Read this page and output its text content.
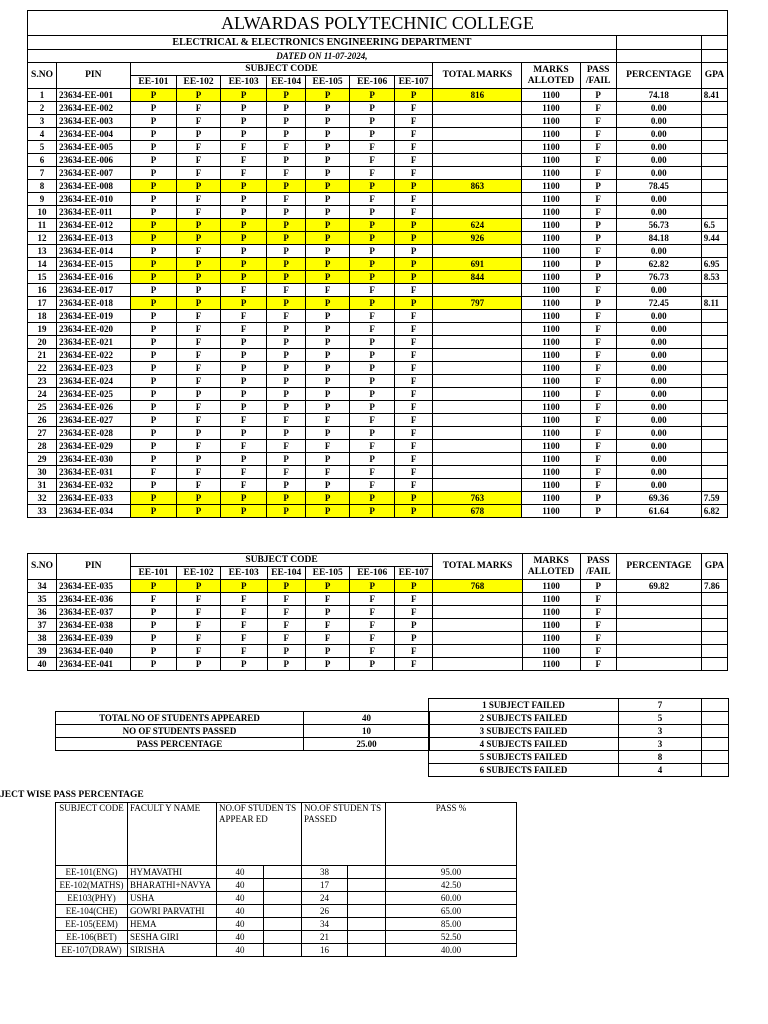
ALWARDAS POLYTECHNIC COLLEGE													
ELECTRICAL & ELECTRONICS ENGINEERING DEPARTMENT													
DATED ON 11-07-2024,													
S.NO	PIN	SUBJECT CODE							TOTAL MARKS	MARKS ALLOTED	PASS /FAIL	PERCENTAGE	GPA
		EE-101	EE-102	EE-103	EE-104	EE-105	EE-106	EE-107					
1	23634-EE-001	P	P	P	P	P	P	P	816	1100	P	74.18	8.41
2	23634-EE-002	P	F	P	P	P	P	F		1100	F	0.00	
3	23634-EE-003	P	F	P	P	P	P	F		1100	F	0.00	
4	23634-EE-004	P	P	P	P	P	P	F		1100	F	0.00	
5	23634-EE-005	P	F	F	F	P	F	F		1100	F	0.00	
6	23634-EE-006	P	F	F	P	P	F	F		1100	F	0.00	
7	23634-EE-007	P	F	F	F	P	F	F		1100	F	0.00	
8	23634-EE-008	P	P	P	P	P	P	P	863	1100	P	78.45	
9	23634-EE-010	P	F	P	F	P	F	F		1100	F	0.00	
10	23634-EE-011	P	F	P	P	P	P	F		1100	F	0.00	
11	23634-EE-012	P	P	P	P	P	P	P	624	1100	P	56.73	6.5
12	23634-EE-013	P	P	P	P	P	P	P	926	1100	P	84.18	9.44
13	23634-EE-014	P	F	P	P	P	P	P		1100	F	0.00	
14	23634-EE-015	P	P	P	P	P	P	P	691	1100	P	62.82	6.95
15	23634-EE-016	P	P	P	P	P	P	P	844	1100	P	76.73	8.53
16	23634-EE-017	P	P	F	F	F	F	F		1100	F	0.00	
17	23634-EE-018	P	P	P	P	P	P	P	797	1100	P	72.45	8.11
18	23634-EE-019	P	F	F	F	P	F	F		1100	F	0.00	
19	23634-EE-020	P	F	F	P	P	F	F		1100	F	0.00	
20	23634-EE-021	P	F	P	P	P	P	F		1100	F	0.00	
21	23634-EE-022	P	F	P	P	P	P	F		1100	F	0.00	
22	23634-EE-023	P	F	P	P	P	P	F		1100	F	0.00	
23	23634-EE-024	P	F	P	P	P	P	F		1100	F	0.00	
24	23634-EE-025	P	P	P	P	P	P	F		1100	F	0.00	
25	23634-EE-026	P	F	P	P	P	P	F		1100	F	0.00	
26	23634-EE-027	P	F	F	F	F	F	F		1100	F	0.00	
27	23634-EE-028	P	P	P	P	P	P	F		1100	F	0.00	
28	23634-EE-029	P	F	F	F	F	F	F		1100	F	0.00	
29	23634-EE-030	P	P	P	P	P	P	F		1100	F	0.00	
30	23634-EE-031	F	F	F	F	F	F	F		1100	F	0.00	
31	23634-EE-032	P	F	F	P	P	F	F		1100	F	0.00	
32	23634-EE-033	P	P	P	P	P	P	P	763	1100	P	69.36	7.59
33	23634-EE-034	P	P	P	P	P	P	P	678	1100	P	61.64	6.82
S.NO	PIN	SUBJECT CODE							TOTAL MARKS	MARKS ALLOTED	PASS /FAIL	PERCENTAGE	GPA
		EE-101	EE-102	EE-103	EE-104	EE-105	EE-106	EE-107					
34	23634-EE-035	P	P	P	P	P	P	P	768	1100	P	69.82	7.86
35	23634-EE-036	F	F	F	F	F	F	F		1100	F		
36	23634-EE-037	P	F	F	F	P	F	F		1100	F		
37	23634-EE-038	P	F	F	F	F	F	P		1100	F		
38	23634-EE-039	P	F	F	F	F	F	P		1100	F		
39	23634-EE-040	P	F	F	P	P	F	F		1100	F		
40	23634-EE-041	P	P	P	P	P	P	F		1100	F		
TOTAL NO OF STUDENTS APPEARED	40
NO OF STUDENTS PASSED	10
PASS PERCENTAGE	25.00
1 SUBJECT FAILED	7	
2 SUBJECTS FAILED	5	
3 SUBJECTS FAILED	3	
4 SUBJECTS FAILED	3	
5 SUBJECTS FAILED	8	
6 SUBJECTS FAILED	4	
JECT WISE PASS PERCENTAGE
SUBJECT CODE	FACULT Y NAME	NO.OF STUDEN TS APPEAR ED		NO.OF STUDEN TS PASSED		PASS %
EE-101(ENG)	HYMAVATHI	40		38		95.00
EE-102(MATHS)	BHARATHI+NAVYA	40		17		42.50
EE103(PHY)	USHA	40		24		60.00
EE-104(CHE)	GOWRI PARVATHI	40		26		65.00
EE-105(EEM)	HEMA	40		34		85.00
EE-106(BET)	SESHA GIRI	40		21		52.50
EE-107(DRAW)	SIRISHA	40		16		40.00
